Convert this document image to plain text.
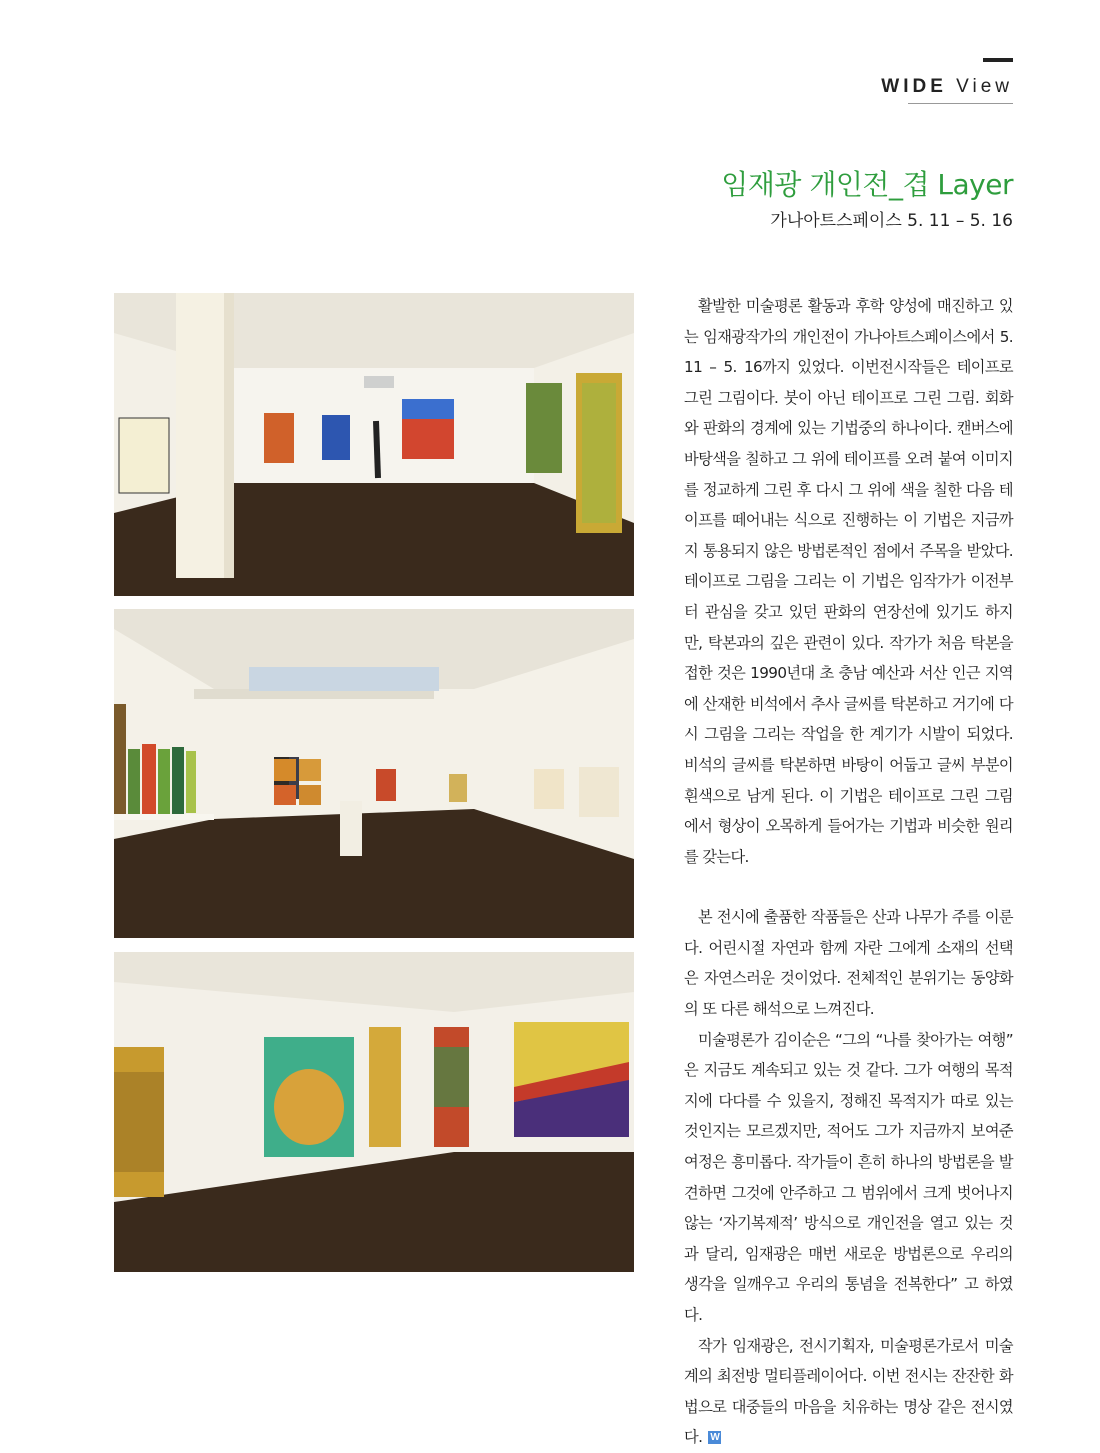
WIDE View
임재광 개인전_겹 Layer
가나아트스페이스 5. 11 – 5. 16

활발한 미술평론 활동과 후학 양성에 매진하고 있는 임재광작가의 개인전이 가나아트스페이스에서 5. 11 – 5. 16까지 있었다. 이번전시작들은 테이프로 그린 그림이다. 붓이 아닌 테이프로 그린 그림. 회화와 판화의 경계에 있는 기법중의 하나이다. 캔버스에 바탕색을 칠하고 그 위에 테이프를 오려 붙여 이미지를 정교하게 그린 후 다시 그 위에 색을 칠한 다음 테이프를 떼어내는 식으로 진행하는 이 기법은 지금까지 통용되지 않은 방법론적인 점에서 주목을 받았다. 테이프로 그림을 그리는 이 기법은 임작가가 이전부터 관심을 갖고 있던 판화의 연장선에 있기도 하지만, 탁본과의 깊은 관련이 있다. 작가가 처음 탁본을 접한 것은 1990년대 초 충남 예산과 서산 인근 지역에 산재한 비석에서 추사 글씨를 탁본하고 거기에 다시 그림을 그리는 작업을 한 계기가 시발이 되었다. 비석의 글씨를 탁본하면 바탕이 어둡고 글씨 부분이 흰색으로 남게 된다. 이 기법은 테이프로 그린 그림에서 형상이 오목하게 들어가는 기법과 비슷한 원리를 갖는다.

본 전시에 출품한 작품들은 산과 나무가 주를 이룬다. 어린시절 자연과 함께 자란 그에게 소재의 선택은 자연스러운 것이었다. 전체적인 분위기는 동양화의 또 다른 해석으로 느껴진다.

미술평론가 김이순은 “그의 “나를 찾아가는 여행” 은 지금도 계속되고 있는 것 같다. 그가 여행의 목적지에 다다를 수 있을지, 정해진 목적지가 따로 있는 것인지는 모르겠지만, 적어도 그가 지금까지 보여준 여정은 흥미롭다. 작가들이 흔히 하나의 방법론을 발견하면 그것에 안주하고 그 범위에서 크게 벗어나지 않는 ‘자기복제적’ 방식으로 개인전을 열고 있는 것과 달리, 임재광은 매번 새로운 방법론으로 우리의 생각을 일깨우고 우리의 통념을 전복한다” 고 하였다.

작가 임재광은, 전시기획자, 미술평론가로서 미술계의 최전방 멀티플레이어다. 이번 전시는 잔잔한 화법으로 대중들의 마음을 치유하는 명상 같은 전시였다. W
